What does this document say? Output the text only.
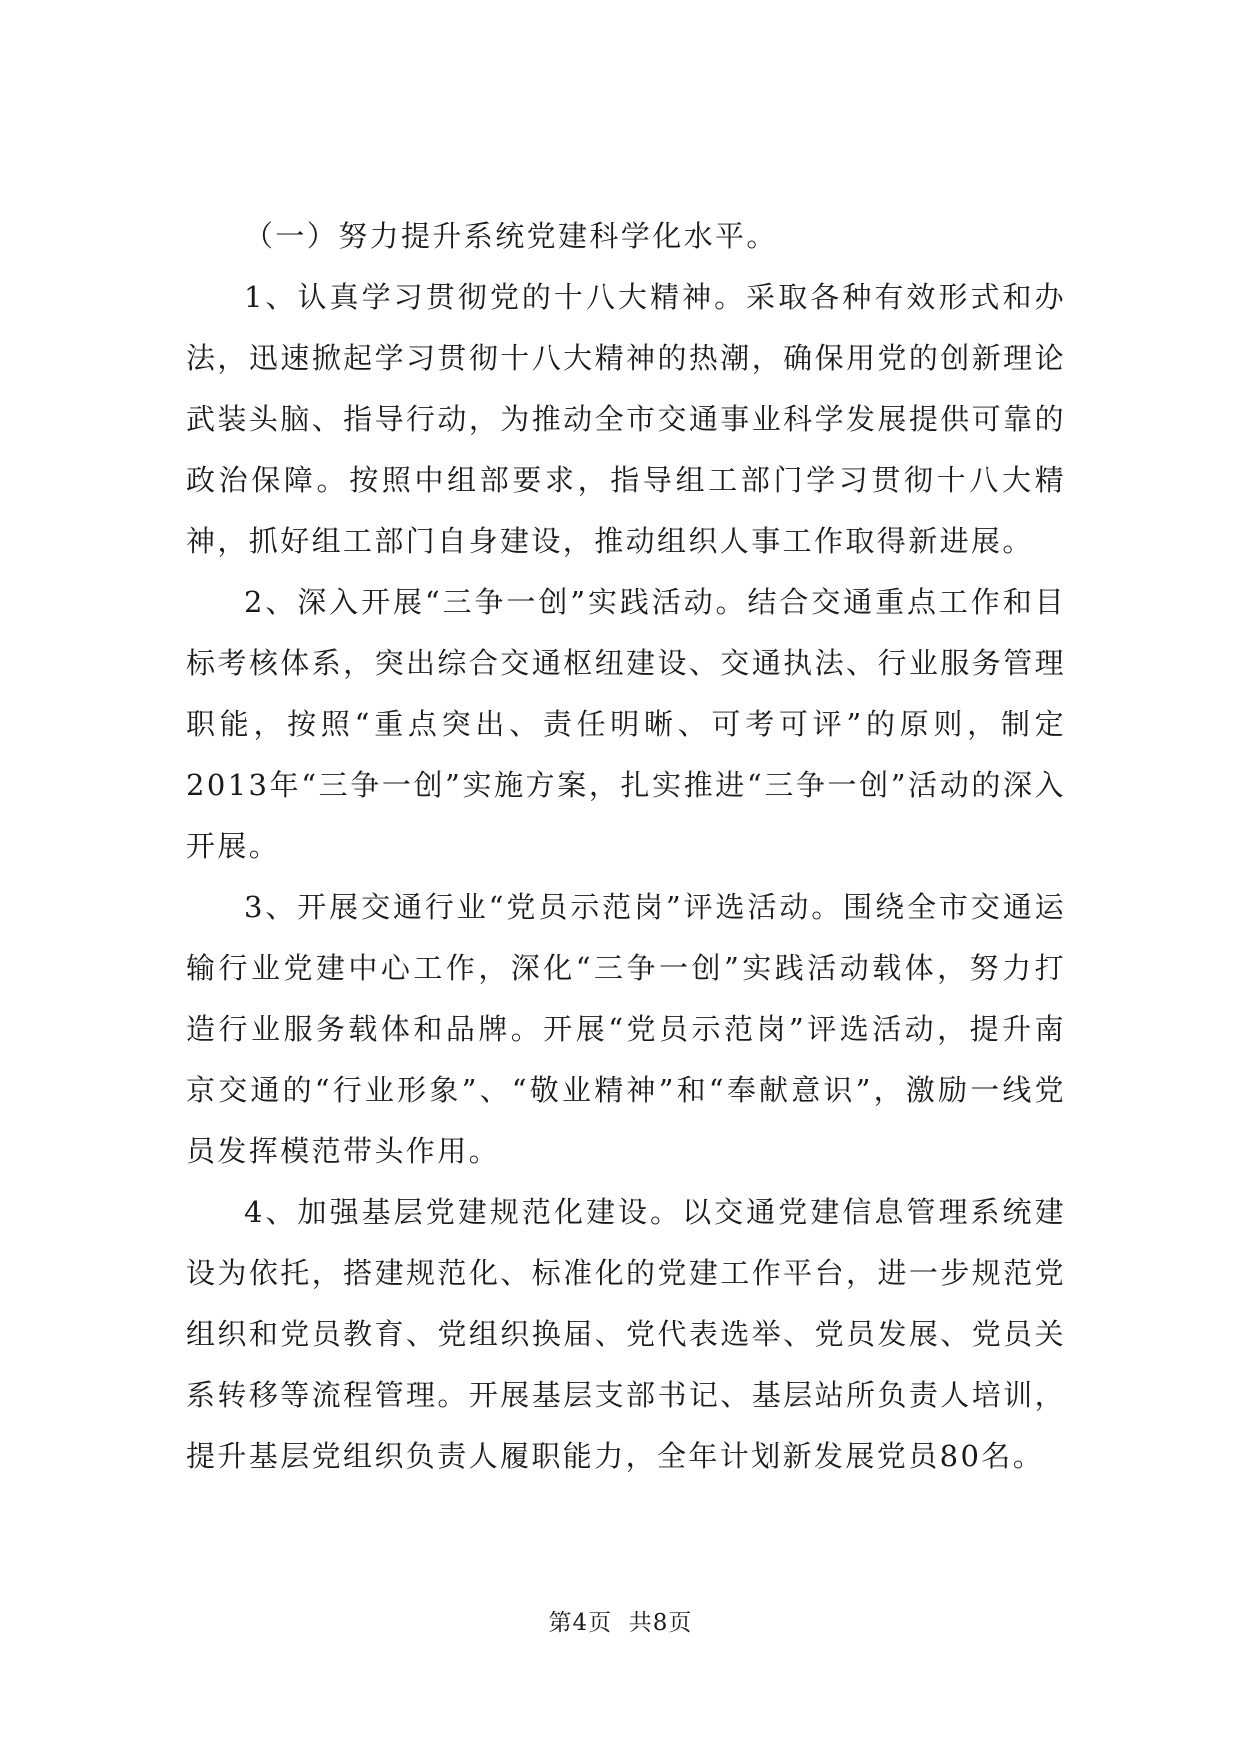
（一）努力提升系统党建科学化水平。

1、认真学习贯彻党的十八大精神。采取各种有效形式和办法，迅速掀起学习贯彻十八大精神的热潮，确保用党的创新理论武装头脑、指导行动，为推动全市交通事业科学发展提供可靠的政治保障。按照中组部要求，指导组工部门学习贯彻十八大精神，抓好组工部门自身建设，推动组织人事工作取得新进展。

2、深入开展“三争一创”实践活动。结合交通重点工作和目标考核体系，突出综合交通枢纽建设、交通执法、行业服务管理职能，按照“重点突出、责任明晰、可考可评”的原则，制定2013年“三争一创”实施方案，扎实推进“三争一创”活动的深入开展。

3、开展交通行业“党员示范岗”评选活动。围绕全市交通运输行业党建中心工作，深化“三争一创”实践活动载体，努力打造行业服务载体和品牌。开展“党员示范岗”评选活动，提升南京交通的“行业形象”、“敬业精神”和“奉献意识”，激励一线党员发挥模范带头作用。

4、加强基层党建规范化建设。以交通党建信息管理系统建设为依托，搭建规范化、标准化的党建工作平台，进一步规范党组织和党员教育、党组织换届、党代表选举、党员发展、党员关系转移等流程管理。开展基层支部书记、基层站所负责人培训，提升基层党组织负责人履职能力，全年计划新发展党员80名。

第4页  共8页
